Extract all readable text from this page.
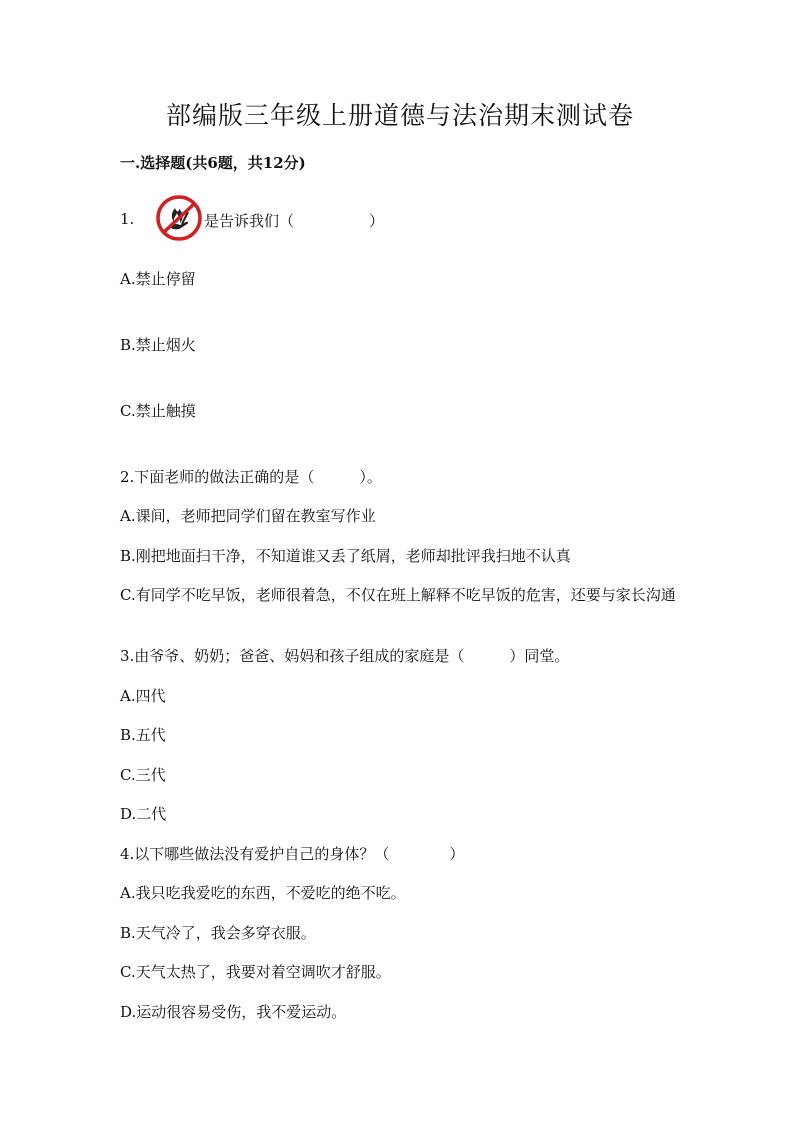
部编版三年级上册道德与法治期末测试卷
一.选择题(共6题，共12分)
1.	是告诉我们（　　　　　）
A.禁止停留
B.禁止烟火
C.禁止触摸
2.下面老师的做法正确的是（　　　）。
A.课间，老师把同学们留在教室写作业
B.刚把地面扫干净，不知道谁又丢了纸屑，老师却批评我扫地不认真
C.有同学不吃早饭，老师很着急，不仅在班上解释不吃早饭的危害，还要与家长沟通
3.由爷爷、奶奶；爸爸、妈妈和孩子组成的家庭是（　　　）同堂。
A.四代
B.五代
C.三代
D.二代
4.以下哪些做法没有爱护自己的身体？（　　　　）
A.我只吃我爱吃的东西，不爱吃的绝不吃。
B.天气冷了，我会多穿衣服。
C.天气太热了，我要对着空调吹才舒服。
D.运动很容易受伤，我不爱运动。
